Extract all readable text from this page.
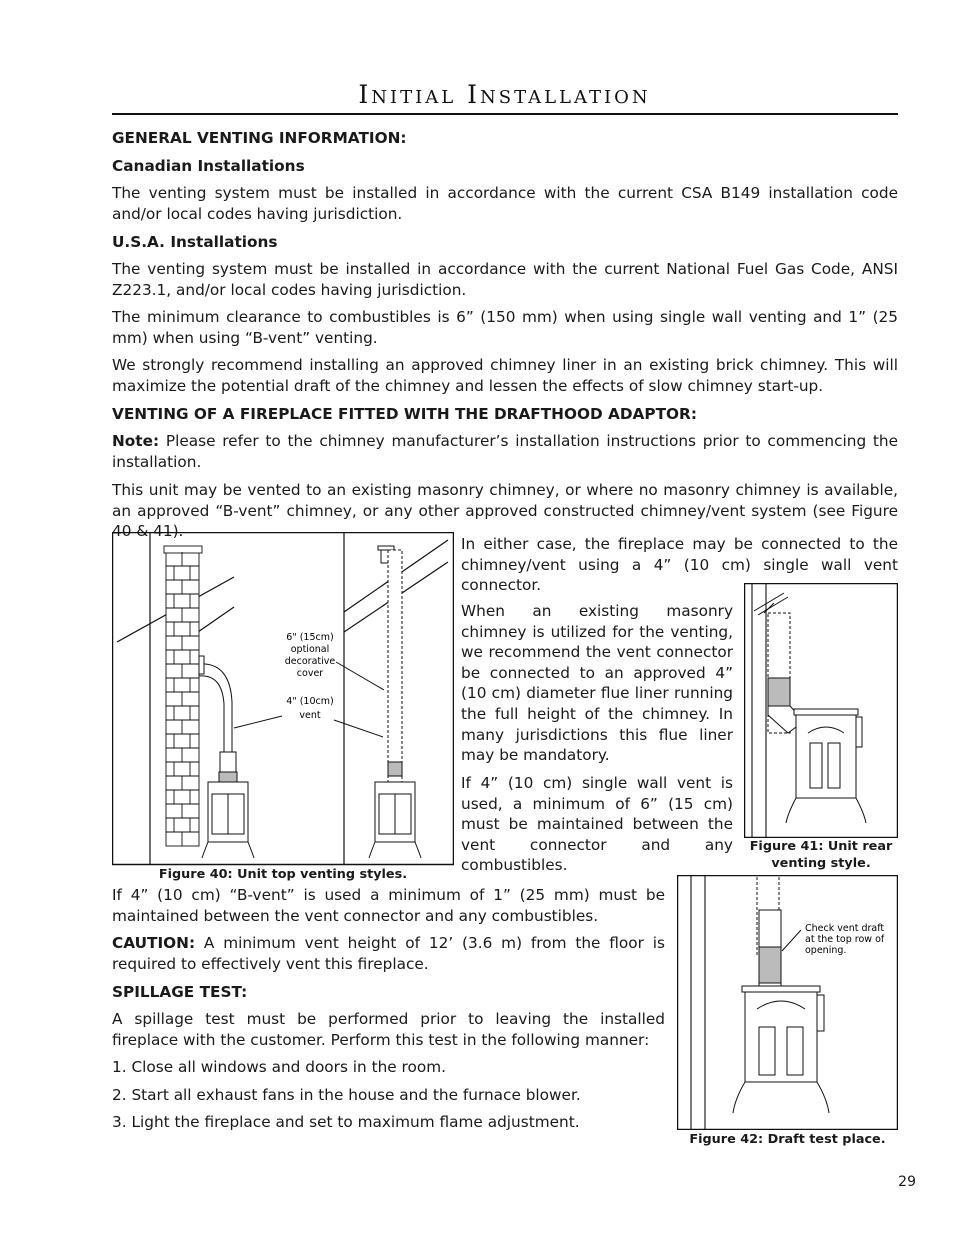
Initial Installation
GENERAL VENTING INFORMATION:
Canadian Installations

The venting system must be installed in accordance with the current CSA B149 installation code and/or local codes having jurisdiction.

U.S.A. Installations

The venting system must be installed in accordance with the current National Fuel Gas Code, ANSI Z223.1, and/or local codes having jurisdiction.

The minimum clearance to combustibles is 6” (150 mm) when using single wall venting and 1” (25 mm) when using “B-vent” venting.

We strongly recommend installing an approved chimney liner in an existing brick chimney. This will maximize the potential draft of the chimney and lessen the effects of slow chimney start-up.

VENTING OF A FIREPLACE FITTED WITH THE DRAFTHOOD ADAPTOR:

Note: Please refer to the chimney manufacturer’s installation instructions prior to commencing the installation.

This unit may be vented to an existing masonry chimney, or where no masonry chimney is available, an approved “B-vent” chimney, or any other approved constructed chimney/vent system (see Figure 40 & 41).

6" (15cm)
optional
decorative
cover
4" (10cm)
vent
Figure 40: Unit top venting styles.

In either case, the fireplace may be connected to the chimney/vent using a 4” (10 cm) single wall vent connector.

When an existing masonry chimney is utilized for the venting, we recommend the vent connector be connected to an approved 4” (10 cm) diameter flue liner running the full height of the chimney. In many jurisdictions this flue liner may be mandatory.

If 4” (10 cm) single wall vent is used, a minimum of 6” (15 cm) must be maintained between the vent connector and any combustibles.

Figure 41: Unit rear
venting style.

If 4” (10 cm) “B-vent” is used a minimum of 1” (25 mm) must be maintained between the vent connector and any combustibles.

CAUTION: A minimum vent height of 12’ (3.6 m) from the floor is required to effectively vent this fireplace.

SPILLAGE TEST:

A spillage test must be performed prior to leaving the installed fireplace with the customer. Perform this test in the following manner:

1. Close all windows and doors in the room.

2. Start all exhaust fans in the house and the furnace blower.

3. Light the fireplace and set to maximum flame adjustment.

Check vent draft
at the top row of
opening.
Figure 42: Draft test place.
29
